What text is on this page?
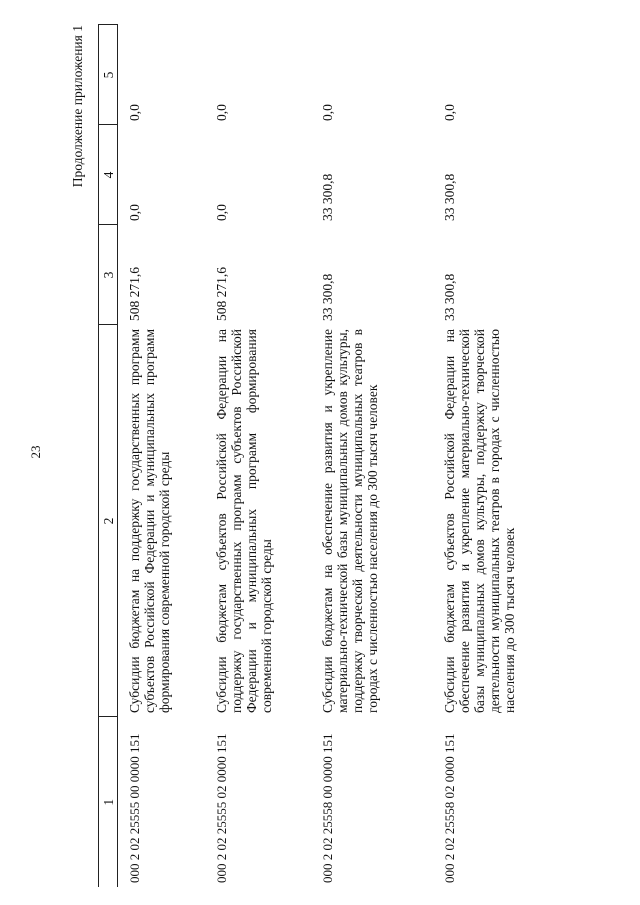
23
Продолжение приложения 1
1	2	3	4	5
000 2 02 25555 00 0000 151	Субсидии бюджетам на поддержку государственных программ субъектов Российской Федерации и муниципальных программ формирования современной городской среды	508 271,6	0,0	0,0
000 2 02 25555 02 0000 151	Субсидии бюджетам субъектов Российской Федерации на поддержку государственных программ субъектов Российской Федерации и муниципальных программ формирования современной городской среды	508 271,6	0,0	0,0
000 2 02 25558 00 0000 151	Субсидии бюджетам на обеспечение развития и укрепление материально-технической базы муниципальных домов культуры, поддержку творческой деятельности муниципальных театров в городах с численностью населения до 300 тысяч человек	33 300,8	33 300,8	0,0
000 2 02 25558 02 0000 151	Субсидии бюджетам субъектов Российской Федерации на обеспечение развития и укрепление материально-технической базы муниципальных домов культуры, поддержку творческой деятельности муниципальных театров в городах с численностью населения до 300 тысяч человек	33 300,8	33 300,8	0,0
